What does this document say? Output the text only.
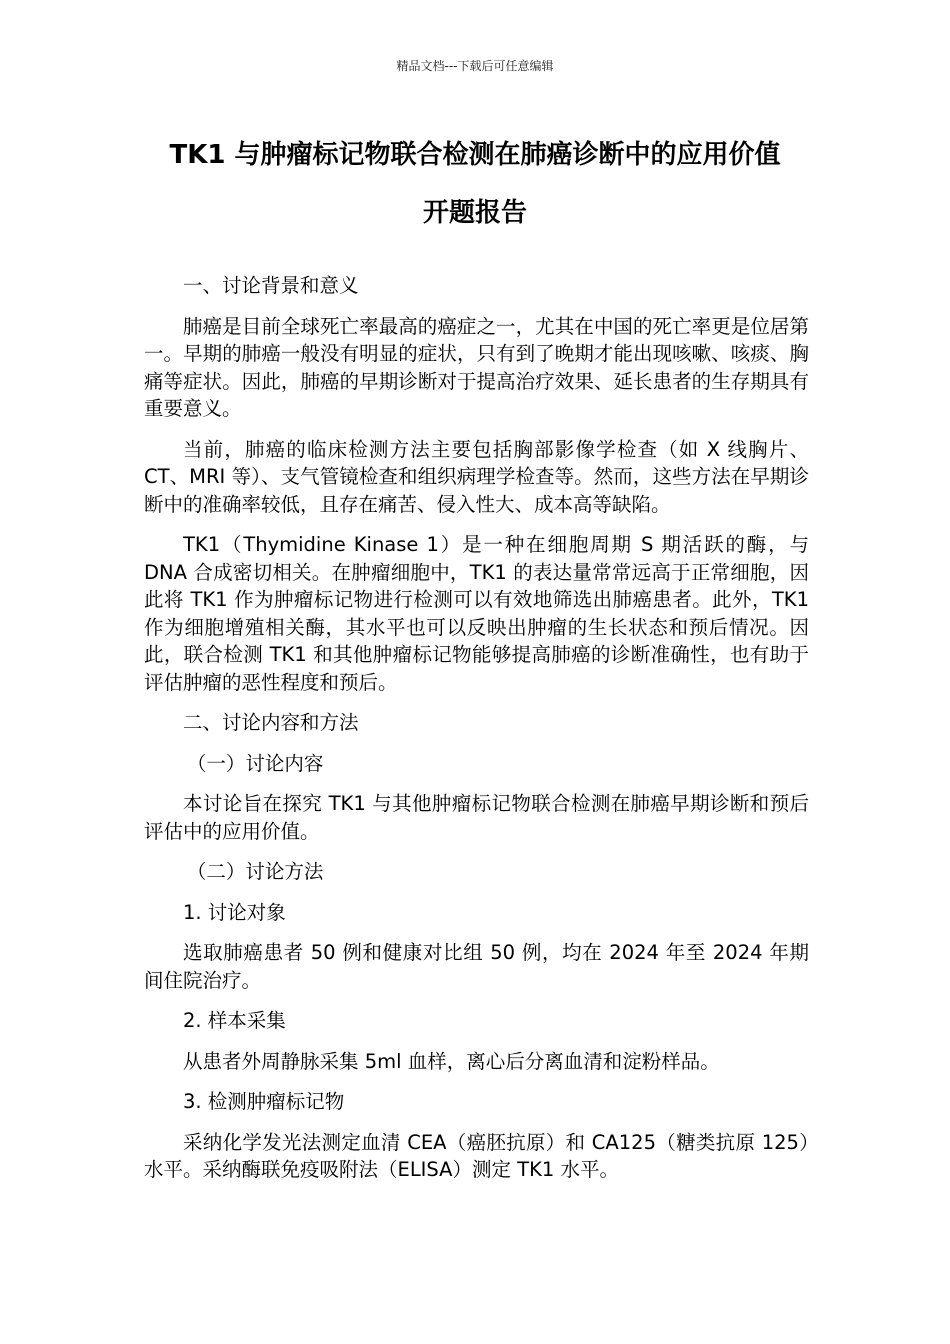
精品文档---下载后可任意编辑
TK1 与肿瘤标记物联合检测在肺癌诊断中的应用价值
开题报告

一、讨论背景和意义

肺癌是目前全球死亡率最高的癌症之一，尤其在中国的死亡率更是位居第一。早期的肺癌一般没有明显的症状，只有到了晚期才能出现咳嗽、咳痰、胸痛等症状。因此，肺癌的早期诊断对于提高治疗效果、延长患者的生存期具有重要意义。

当前，肺癌的临床检测方法主要包括胸部影像学检查（如 X 线胸片、CT、MRI 等）、支气管镜检查和组织病理学检查等。然而，这些方法在早期诊断中的准确率较低，且存在痛苦、侵入性大、成本高等缺陷。

TK1（Thymidine Kinase 1）是一种在细胞周期 S 期活跃的酶，与 DNA 合成密切相关。在肿瘤细胞中，TK1 的表达量常常远高于正常细胞，因此将 TK1 作为肿瘤标记物进行检测可以有效地筛选出肺癌患者。此外，TK1 作为细胞增殖相关酶，其水平也可以反映出肿瘤的生长状态和预后情况。因此，联合检测 TK1 和其他肿瘤标记物能够提高肺癌的诊断准确性，也有助于评估肿瘤的恶性程度和预后。

二、讨论内容和方法

（一）讨论内容

本讨论旨在探究 TK1 与其他肿瘤标记物联合检测在肺癌早期诊断和预后评估中的应用价值。

（二）讨论方法

1. 讨论对象

选取肺癌患者 50 例和健康对比组 50 例，均在 2024 年至 2024 年期间住院治疗。

2. 样本采集

从患者外周静脉采集 5ml 血样，离心后分离血清和淀粉样品。

3. 检测肿瘤标记物

采纳化学发光法测定血清 CEA（癌胚抗原）和 CA125（糖类抗原 125）水平。采纳酶联免疫吸附法（ELISA）测定 TK1 水平。
